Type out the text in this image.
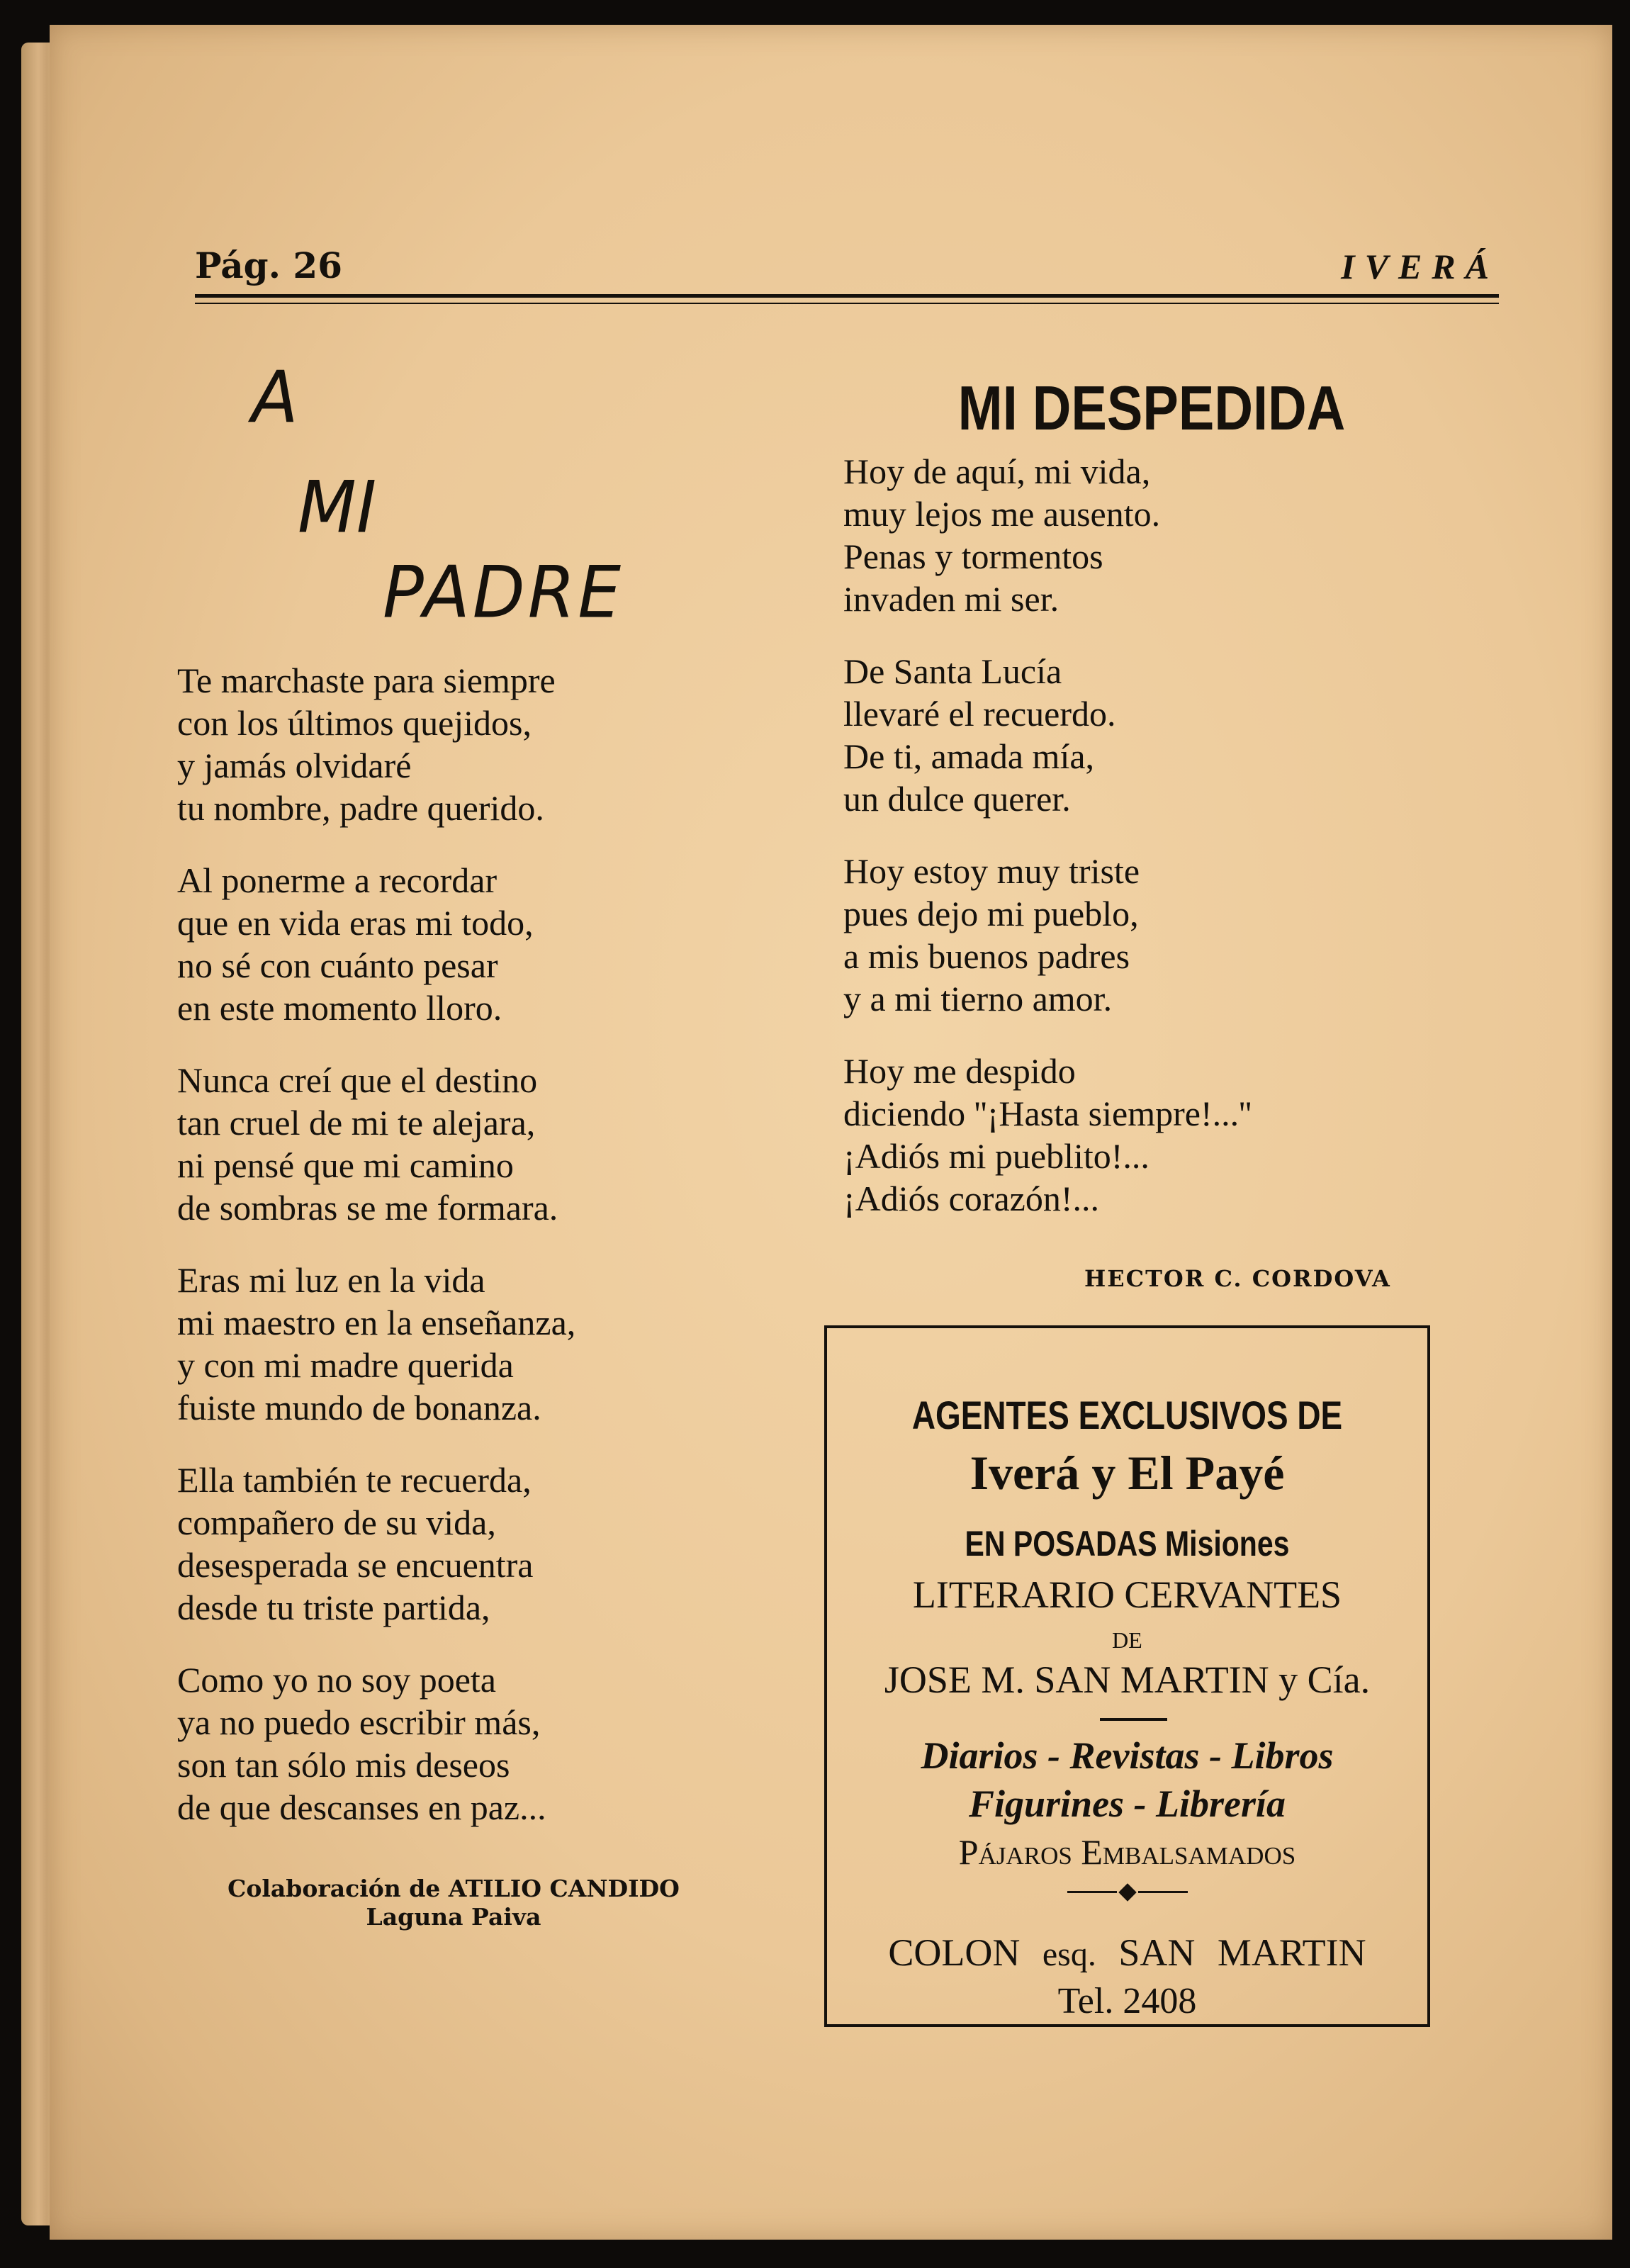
Pág. 26	IVERÁ
A
MI
PADRE
Te marchaste para siempre
con los últimos quejidos,
y jamás olvidaré
tu nombre, padre querido.
Al ponerme a recordar
que en vida eras mi todo,
no sé con cuánto pesar
en este momento lloro.
Nunca creí que el destino
tan cruel de mi te alejara,
ni pensé que mi camino
de sombras se me formara.
Eras mi luz en la vida
mi maestro en la enseñanza,
y con mi madre querida
fuiste mundo de bonanza.
Ella también te recuerda,
compañero de su vida,
desesperada se encuentra
desde tu triste partida,
Como yo no soy poeta
ya no puedo escribir más,
son tan sólo mis deseos
de que descanses en paz...
Colaboración de ATILIO CANDIDO
Laguna Paiva
MI DESPEDIDA
Hoy de aquí, mi vida,
muy lejos me ausento.
Penas y tormentos
invaden mi ser.
De Santa Lucía
llevaré el recuerdo.
De ti, amada mía,
un dulce querer.
Hoy estoy muy triste
pues dejo mi pueblo,
a mis buenos padres
y a mi tierno amor.
Hoy me despido
diciendo ''¡Hasta siempre!...''
¡Adiós mi pueblito!...
¡Adiós corazón!...
HECTOR C. CORDOVA
AGENTES EXCLUSIVOS DE
Iverá y El Payé
EN POSADAS Misiones
LITERARIO CERVANTES
DE
JOSE M. SAN MARTIN y Cía.
Diarios - Revistas - Libros
Figurines - Librería
Pájaros Embalsamados
COLON esq. SAN MARTIN
Tel. 2408
